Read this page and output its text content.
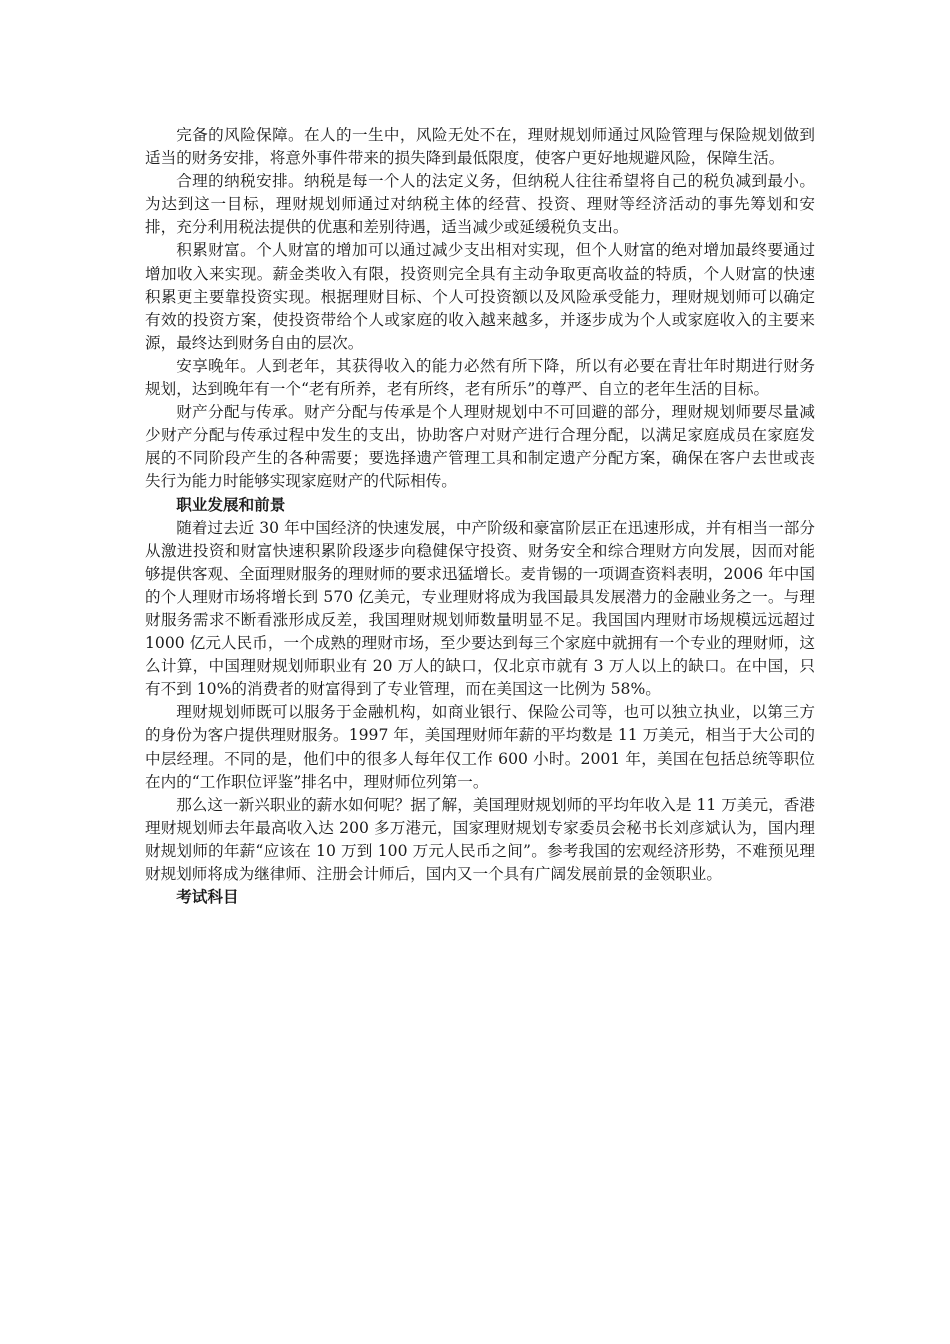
完备的风险保障。在人的一生中，风险无处不在，理财规划师通过风险管理与保险规划做到适当的财务安排，将意外事件带来的损失降到最低限度，使客户更好地规避风险，保障生活。

合理的纳税安排。纳税是每一个人的法定义务，但纳税人往往希望将自己的税负减到最小。为达到这一目标，理财规划师通过对纳税主体的经营、投资、理财等经济活动的事先筹划和安排，充分利用税法提供的优惠和差别待遇，适当减少或延缓税负支出。

积累财富。个人财富的增加可以通过减少支出相对实现，但个人财富的绝对增加最终要通过增加收入来实现。薪金类收入有限，投资则完全具有主动争取更高收益的特质，个人财富的快速积累更主要靠投资实现。根据理财目标、个人可投资额以及风险承受能力，理财规划师可以确定有效的投资方案，使投资带给个人或家庭的收入越来越多，并逐步成为个人或家庭收入的主要来源，最终达到财务自由的层次。

安享晚年。人到老年，其获得收入的能力必然有所下降，所以有必要在青壮年时期进行财务规划，达到晚年有一个“老有所养，老有所终，老有所乐”的尊严、自立的老年生活的目标。

财产分配与传承。财产分配与传承是个人理财规划中不可回避的部分，理财规划师要尽量减少财产分配与传承过程中发生的支出，协助客户对财产进行合理分配，以满足家庭成员在家庭发展的不同阶段产生的各种需要；要选择遗产管理工具和制定遗产分配方案，确保在客户去世或丧失行为能力时能够实现家庭财产的代际相传。

职业发展和前景

随着过去近 30 年中国经济的快速发展，中产阶级和豪富阶层正在迅速形成，并有相当一部分从激进投资和财富快速积累阶段逐步向稳健保守投资、财务安全和综合理财方向发展，因而对能够提供客观、全面理财服务的理财师的要求迅猛增长。麦肯锡的一项调查资料表明，2006 年中国的个人理财市场将增长到 570 亿美元，专业理财将成为我国最具发展潜力的金融业务之一。与理财服务需求不断看涨形成反差，我国理财规划师数量明显不足。我国国内理财市场规模远远超过 1000 亿元人民币，一个成熟的理财市场，至少要达到每三个家庭中就拥有一个专业的理财师，这么计算，中国理财规划师职业有 20 万人的缺口，仅北京市就有 3 万人以上的缺口。在中国，只有不到 10%的消费者的财富得到了专业管理，而在美国这一比例为 58%。

理财规划师既可以服务于金融机构，如商业银行、保险公司等，也可以独立执业，以第三方的身份为客户提供理财服务。1997 年，美国理财师年薪的平均数是 11 万美元，相当于大公司的中层经理。不同的是，他们中的很多人每年仅工作 600 小时。2001 年，美国在包括总统等职位在内的“工作职位评鉴”排名中，理财师位列第一。

那么这一新兴职业的薪水如何呢？据了解，美国理财规划师的平均年收入是 11 万美元，香港理财规划师去年最高收入达 200 多万港元，国家理财规划专家委员会秘书长刘彦斌认为，国内理财规划师的年薪“应该在 10 万到 100 万元人民币之间”。参考我国的宏观经济形势，不难预见理财规划师将成为继律师、注册会计师后，国内又一个具有广阔发展前景的金领职业。

考试科目
